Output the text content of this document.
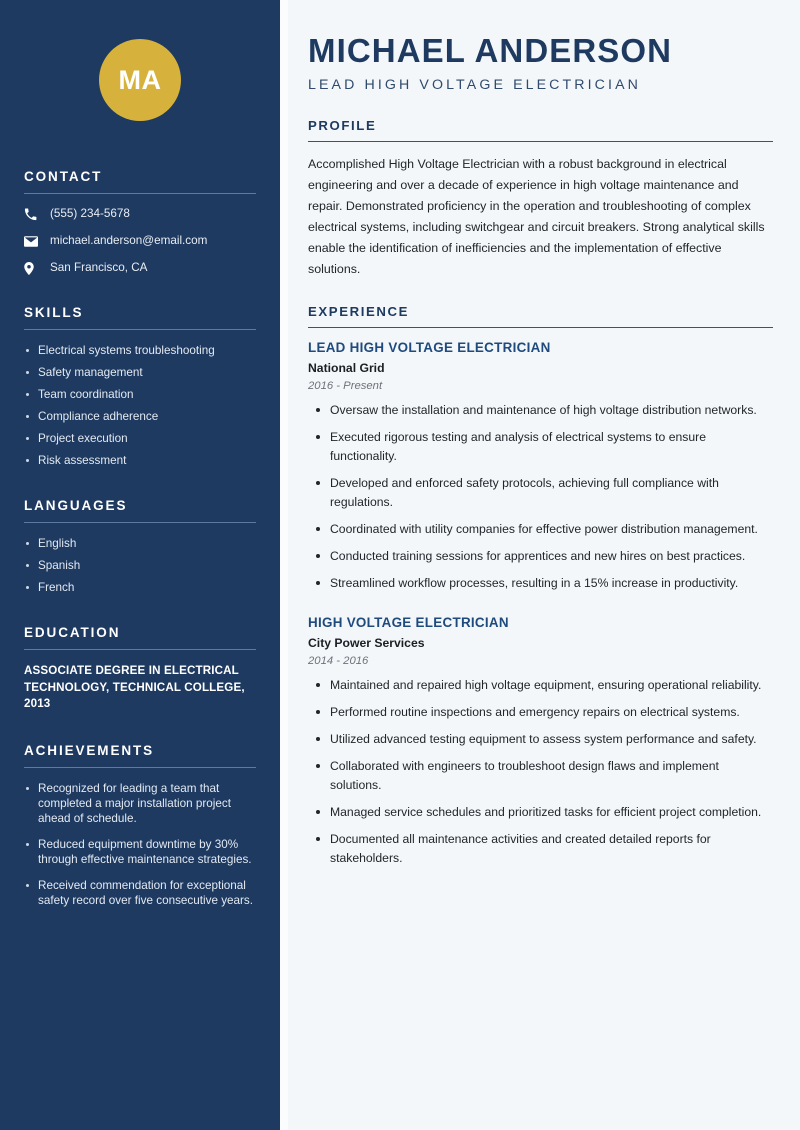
MA
CONTACT
(555) 234-5678
michael.anderson@email.com
San Francisco, CA
SKILLS
Electrical systems troubleshooting
Safety management
Team coordination
Compliance adherence
Project execution
Risk assessment
LANGUAGES
English
Spanish
French
EDUCATION
ASSOCIATE DEGREE IN ELECTRICAL TECHNOLOGY, TECHNICAL COLLEGE, 2013
ACHIEVEMENTS
Recognized for leading a team that completed a major installation project ahead of schedule.
Reduced equipment downtime by 30% through effective maintenance strategies.
Received commendation for exceptional safety record over five consecutive years.
MICHAEL ANDERSON
LEAD HIGH VOLTAGE ELECTRICIAN
PROFILE

Accomplished High Voltage Electrician with a robust background in electrical engineering and over a decade of experience in high voltage maintenance and repair. Demonstrated proficiency in the operation and troubleshooting of complex electrical systems, including switchgear and circuit breakers. Strong analytical skills enable the identification of inefficiencies and the implementation of effective solutions.

EXPERIENCE
LEAD HIGH VOLTAGE ELECTRICIAN
National Grid
2016 - Present
Oversaw the installation and maintenance of high voltage distribution networks.
Executed rigorous testing and analysis of electrical systems to ensure functionality.
Developed and enforced safety protocols, achieving full compliance with regulations.
Coordinated with utility companies for effective power distribution management.
Conducted training sessions for apprentices and new hires on best practices.
Streamlined workflow processes, resulting in a 15% increase in productivity.
HIGH VOLTAGE ELECTRICIAN
City Power Services
2014 - 2016
Maintained and repaired high voltage equipment, ensuring operational reliability.
Performed routine inspections and emergency repairs on electrical systems.
Utilized advanced testing equipment to assess system performance and safety.
Collaborated with engineers to troubleshoot design flaws and implement solutions.
Managed service schedules and prioritized tasks for efficient project completion.
Documented all maintenance activities and created detailed reports for stakeholders.
